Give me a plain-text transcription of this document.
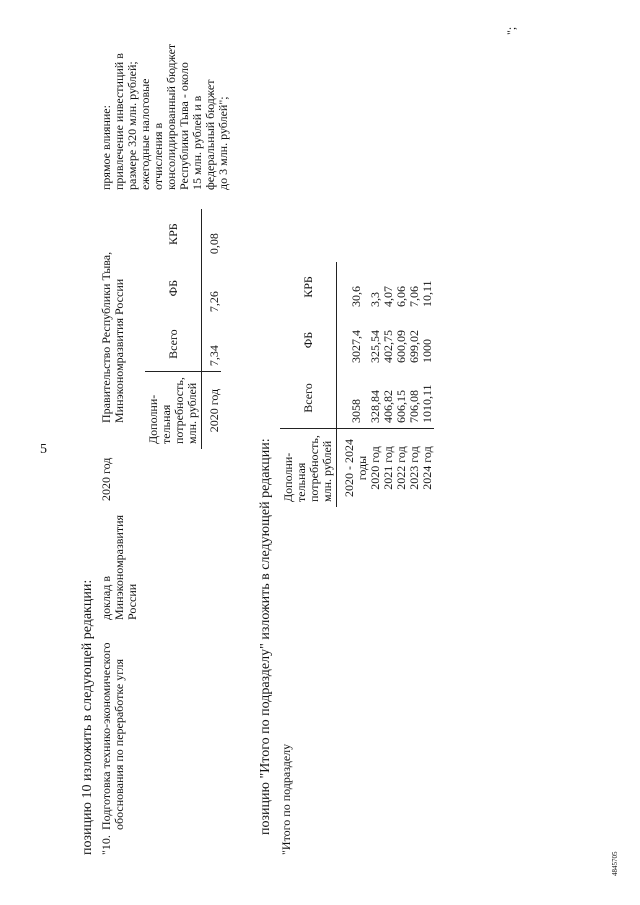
5
4845705
позицию 10 изложить в следующей редакции: "10.
Подготовка технико-экономического обоснования по переработке угля
доклад в Минэкономразвития России
2020 год
Правительство Республики Тыва, Минэкономразвития России
прямое влияние: привлечение инвестиций в размере 320 млн. рублей; ежегодные налоговые отчисления в консолидированный бюджет Республики Тыва - около 15 млн. рублей и в федеральный бюджет до 3 млн. рублей";
Дополни-тельная потребность, млн. рублей	Всего	ФБ	КРБ
2020 год	7,34	7,26	0,08
позицию "Итого по подразделу" изложить в следующей редакции: "Итого по подразделу
Дополни-тельная потребность, млн. рублей	Всего	ФБ	КРБ
2020 - 2024 годы	3058	3027,4	30,6
2020 год	328,84	325,54	3,3
2021 год	406,82	402,75	4,07
2022 год	606,15	600,09	6,06
2023 год	706,08	699,02	7,06
2024 год	1010,11	1000	10,11
";
